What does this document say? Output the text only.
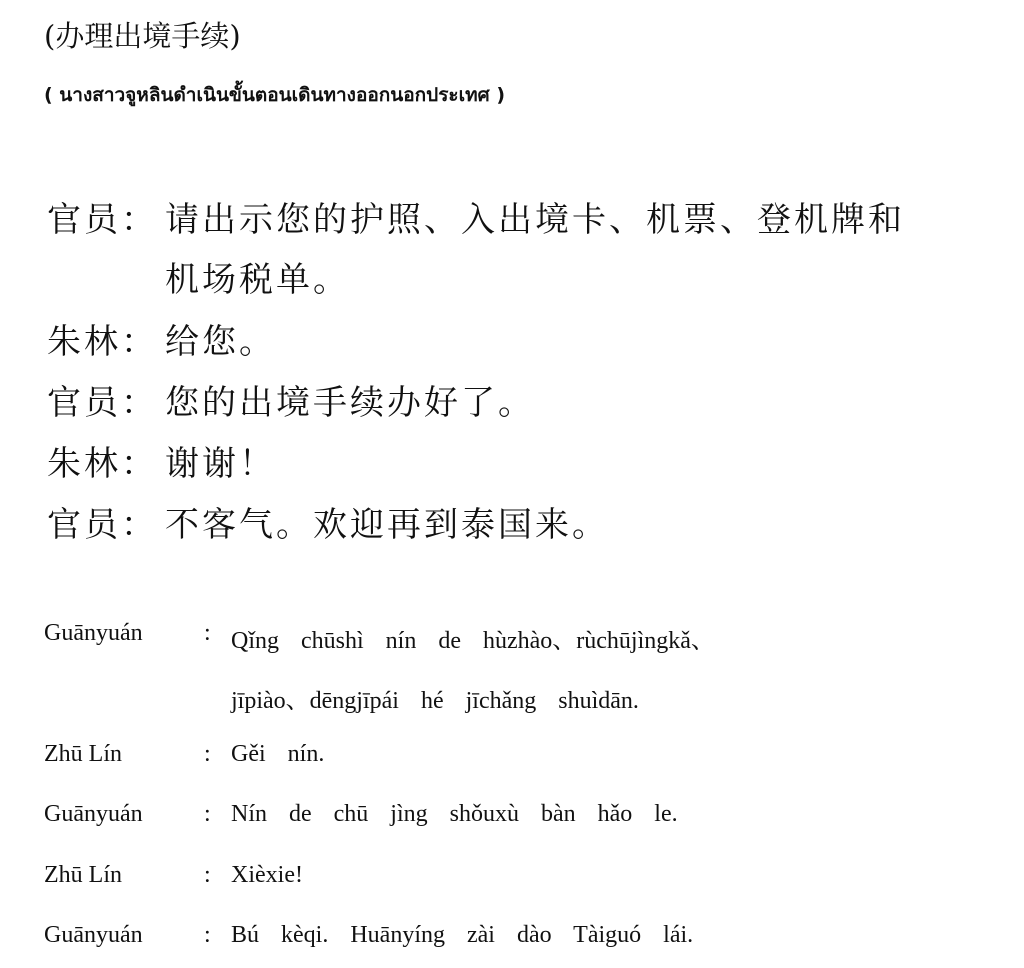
(办理出境手续)
( นางสาวจูหลินดำเนินขั้นตอนเดินทางออกนอกประเทศ )
官员： 请出示您的护照、入出境卡、机票、登机牌和
机场税单。
朱林： 给您。
官员： 您的出境手续办好了。
朱林： 谢谢！
官员： 不客气。欢迎再到泰国来。
Guānyuán	: Qǐng chūshì nín de hùzhào、rùchūjìngkǎ、
jīpiào、dēngjīpái hé jīchǎng shuìdān.
Zhū Lín	: Gěi nín.
Guānyuán	: Nín de chū jìng shǒuxù bàn hǎo le.
Zhū Lín	: Xièxie!
Guānyuán	: Bú kèqi. Huānyíng zài dào Tàiguó lái.
